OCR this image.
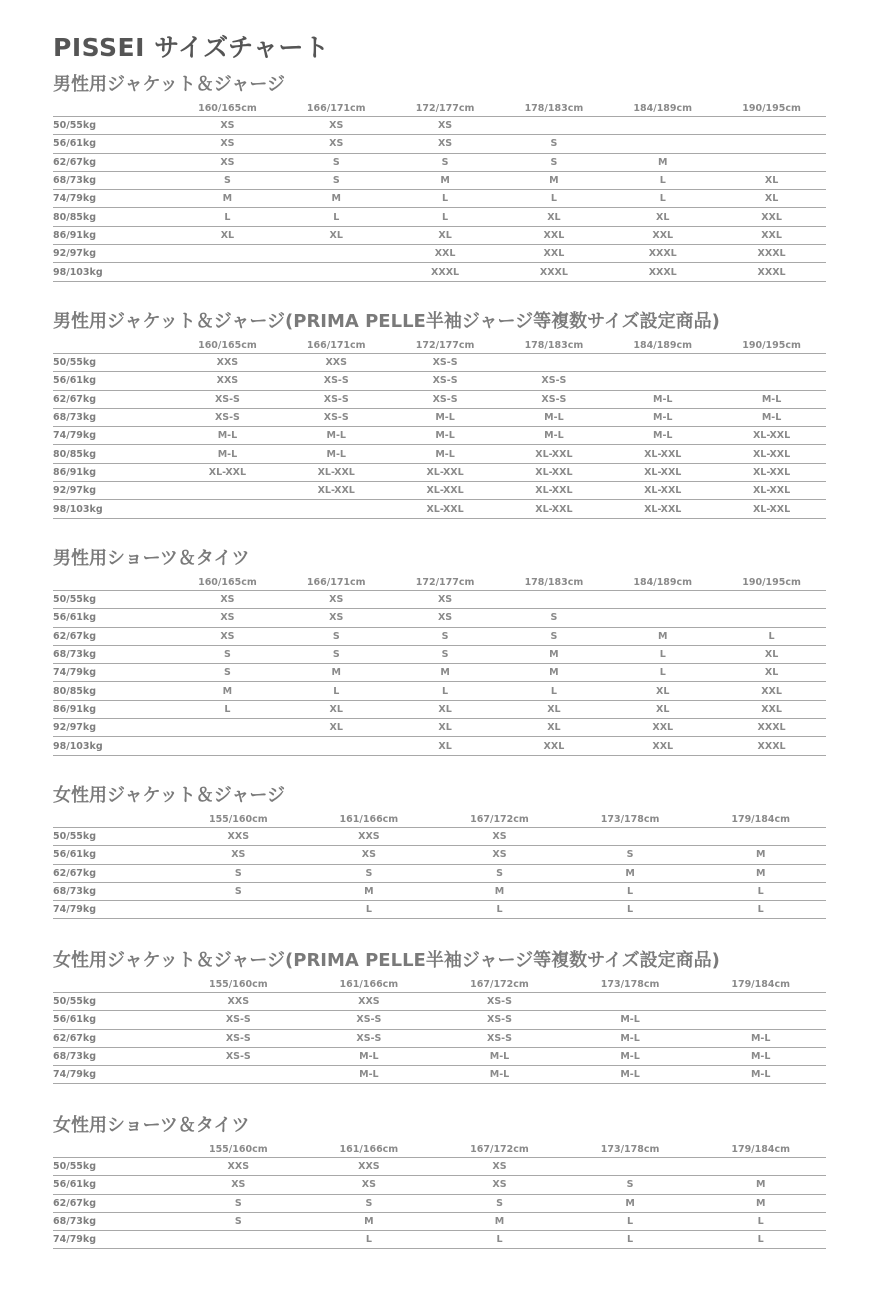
PISSEI サイズチャート
男性用ジャケット＆ジャージ
	160/165cm	166/171cm	172/177cm	178/183cm	184/189cm	190/195cm
50/55kg	XS	XS	XS			
56/61kg	XS	XS	XS	S		
62/67kg	XS	S	S	S	M	
68/73kg	S	S	M	M	L	XL
74/79kg	M	M	L	L	L	XL
80/85kg	L	L	L	XL	XL	XXL
86/91kg	XL	XL	XL	XXL	XXL	XXL
92/97kg			XXL	XXL	XXXL	XXXL
98/103kg			XXXL	XXXL	XXXL	XXXL
男性用ジャケット＆ジャージ(PRIMA PELLE半袖ジャージ等複数サイズ設定商品)
	160/165cm	166/171cm	172/177cm	178/183cm	184/189cm	190/195cm
50/55kg	XXS	XXS	XS-S			
56/61kg	XXS	XS-S	XS-S	XS-S		
62/67kg	XS-S	XS-S	XS-S	XS-S	M-L	M-L
68/73kg	XS-S	XS-S	M-L	M-L	M-L	M-L
74/79kg	M-L	M-L	M-L	M-L	M-L	XL-XXL
80/85kg	M-L	M-L	M-L	XL-XXL	XL-XXL	XL-XXL
86/91kg	XL-XXL	XL-XXL	XL-XXL	XL-XXL	XL-XXL	XL-XXL
92/97kg		XL-XXL	XL-XXL	XL-XXL	XL-XXL	XL-XXL
98/103kg			XL-XXL	XL-XXL	XL-XXL	XL-XXL
男性用ショーツ＆タイツ
	160/165cm	166/171cm	172/177cm	178/183cm	184/189cm	190/195cm
50/55kg	XS	XS	XS			
56/61kg	XS	XS	XS	S		
62/67kg	XS	S	S	S	M	L
68/73kg	S	S	S	M	L	XL
74/79kg	S	M	M	M	L	XL
80/85kg	M	L	L	L	XL	XXL
86/91kg	L	XL	XL	XL	XL	XXL
92/97kg		XL	XL	XL	XXL	XXXL
98/103kg			XL	XXL	XXL	XXXL
女性用ジャケット＆ジャージ
	155/160cm	161/166cm	167/172cm	173/178cm	179/184cm
50/55kg	XXS	XXS	XS		
56/61kg	XS	XS	XS	S	M
62/67kg	S	S	S	M	M
68/73kg	S	M	M	L	L
74/79kg		L	L	L	L
女性用ジャケット＆ジャージ(PRIMA PELLE半袖ジャージ等複数サイズ設定商品)
	155/160cm	161/166cm	167/172cm	173/178cm	179/184cm
50/55kg	XXS	XXS	XS-S		
56/61kg	XS-S	XS-S	XS-S	M-L	
62/67kg	XS-S	XS-S	XS-S	M-L	M-L
68/73kg	XS-S	M-L	M-L	M-L	M-L
74/79kg		M-L	M-L	M-L	M-L
女性用ショーツ＆タイツ
	155/160cm	161/166cm	167/172cm	173/178cm	179/184cm
50/55kg	XXS	XXS	XS		
56/61kg	XS	XS	XS	S	M
62/67kg	S	S	S	M	M
68/73kg	S	M	M	L	L
74/79kg		L	L	L	L
